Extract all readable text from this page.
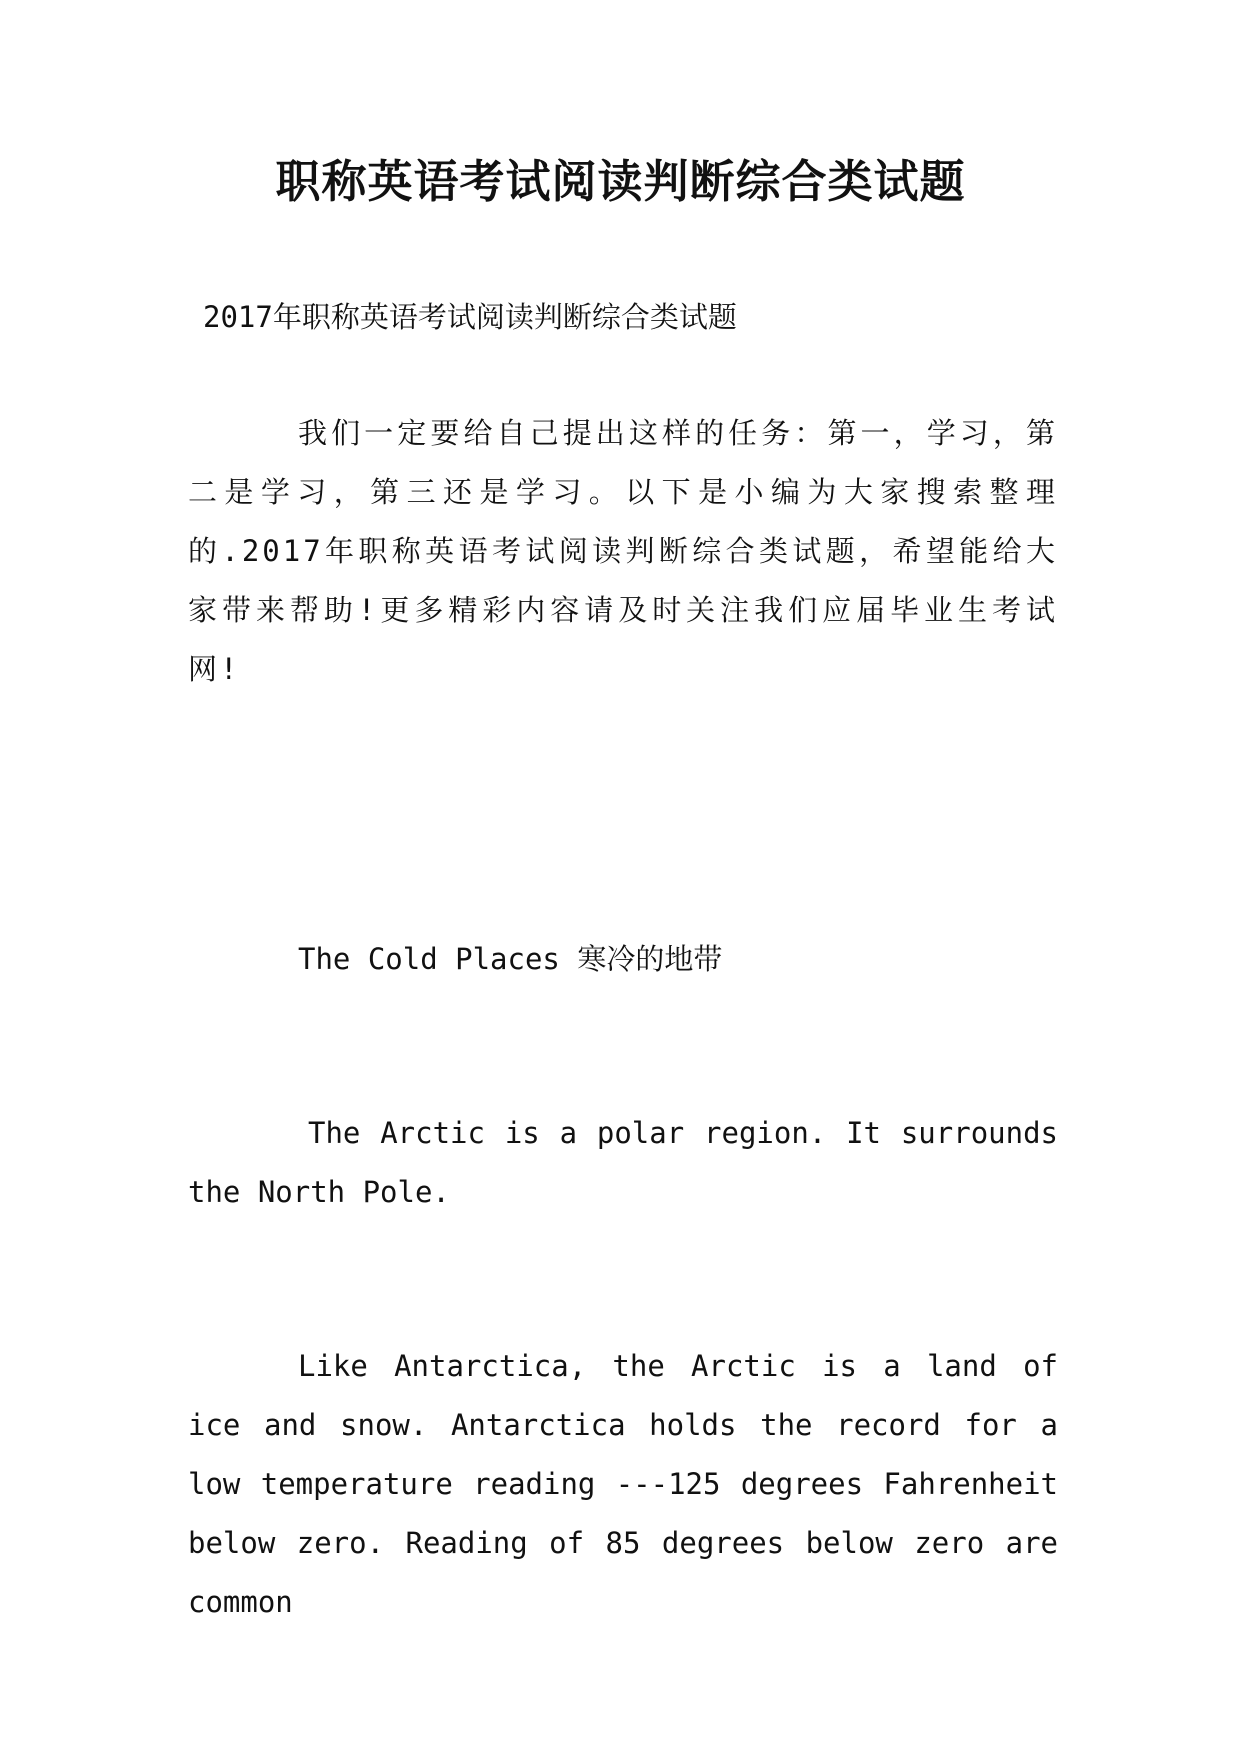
职称英语考试阅读判断综合类试题

2017年职称英语考试阅读判断综合类试题

我们一定要给自己提出这样的任务：第一，学习，第二是学习，第三还是学习。以下是小编为大家搜索整理的.2017年职称英语考试阅读判断综合类试题，希望能给大家带来帮助!更多精彩内容请及时关注我们应届毕业生考试网!

The Cold Places 寒冷的地带

The Arctic is a polar region. It surrounds the North Pole.

Like Antarctica, the Arctic is a land of ice and snow. Antarctica holds the record for a low temperature reading ---125 degrees Fahrenheit below zero. Reading of 85 degrees below zero are common
